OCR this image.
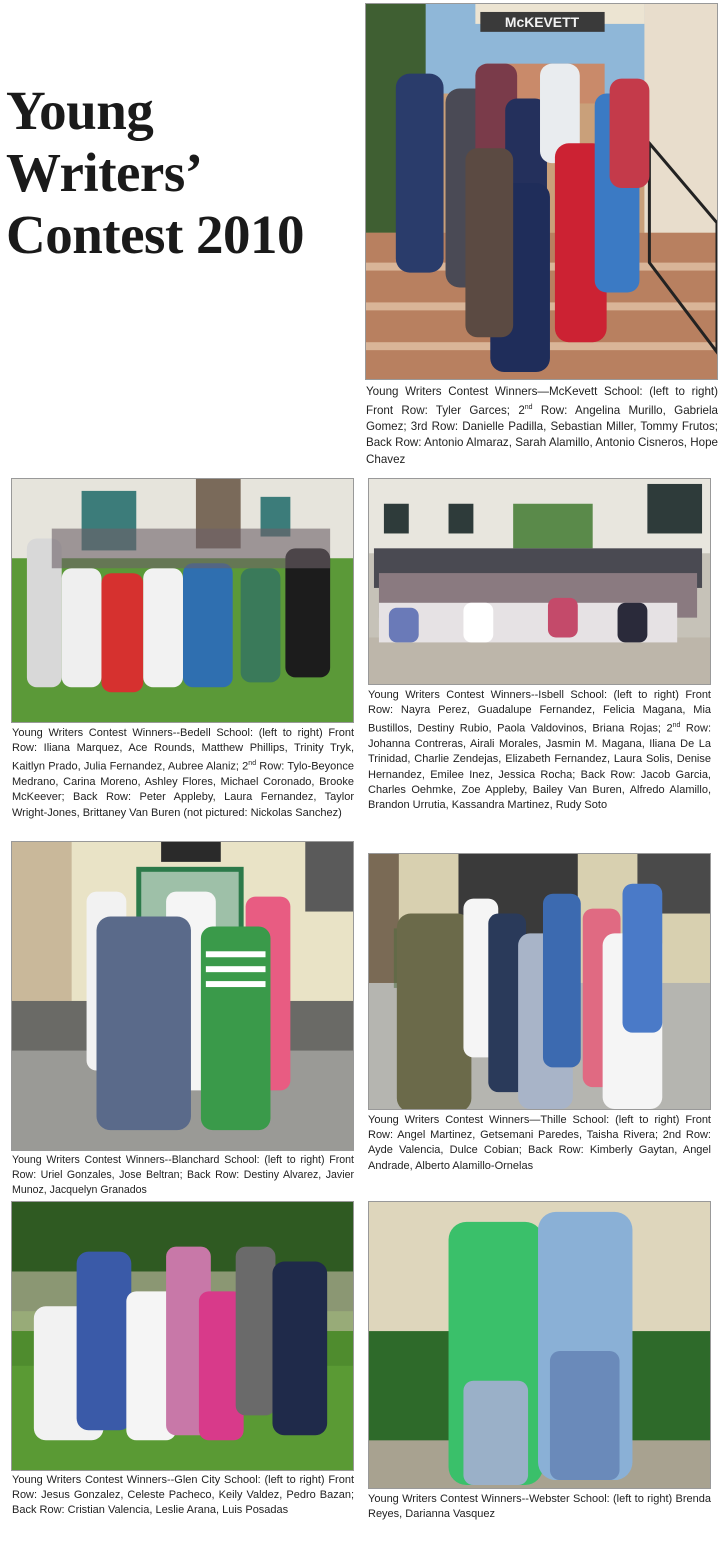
Young Writers’
Contest 2010
McKEVETT

Young Writers Contest Winners—McKevett School: (left to right) Front Row: Tyler Garces; 2nd Row: Angelina Murillo, Gabriela Gomez; 3rd Row: Danielle Padilla, Sebastian Miller, Tommy Frutos; Back Row: Antonio Almaraz, Sarah Alamillo, Antonio Cisneros, Hope Chavez

Young Writers Contest Winners--Bedell School: (left to right) Front Row: Iliana Marquez, Ace Rounds, Matthew Phillips, Trinity Tryk, Kaitlyn Prado, Julia Fernandez, Aubree Alaniz; 2nd Row: Tylo-Beyonce Medrano, Carina Moreno, Ashley Flores, Michael Coronado, Brooke McKeever; Back Row: Peter Appleby, Laura Fernandez, Taylor Wright-Jones, Brittaney Van Buren (not pictured: Nickolas Sanchez)

Young Writers Contest Winners--Isbell School: (left to right) Front Row: Nayra Perez, Guadalupe Fernandez, Felicia Magana, Mia Bustillos, Destiny Rubio, Paola Valdovinos, Briana Rojas; 2nd Row: Johanna Contreras, Airali Morales, Jasmin M. Magana, Iliana De La Trinidad, Charlie Zendejas, Elizabeth Fernandez, Laura Solis, Denise Hernandez, Emilee Inez, Jessica Rocha; Back Row: Jacob Garcia, Charles Oehmke, Zoe Appleby, Bailey Van Buren, Alfredo Alamillo, Brandon Urrutia, Kassandra Martinez, Rudy Soto

Young Writers Contest Winners--Blanchard School: (left to right) Front Row: Uriel Gonzales, Jose Beltran; Back Row: Destiny Alvarez, Javier Munoz, Jacquelyn Granados

Young Writers Contest Winners—Thille School: (left to right) Front Row: Angel Martinez, Getsemani Paredes, Taisha Rivera; 2nd Row: Ayde Valencia, Dulce Cobian; Back Row: Kimberly Gaytan, Angel Andrade, Alberto Alamillo-Ornelas

Young Writers Contest Winners--Glen City School: (left to right) Front Row: Jesus Gonzalez, Celeste Pacheco, Keily Valdez, Pedro Bazan; Back Row: Cristian Valencia, Leslie Arana, Luis Posadas

Young Writers Contest Winners--Webster School: (left to right) Brenda Reyes, Darianna Vasquez
